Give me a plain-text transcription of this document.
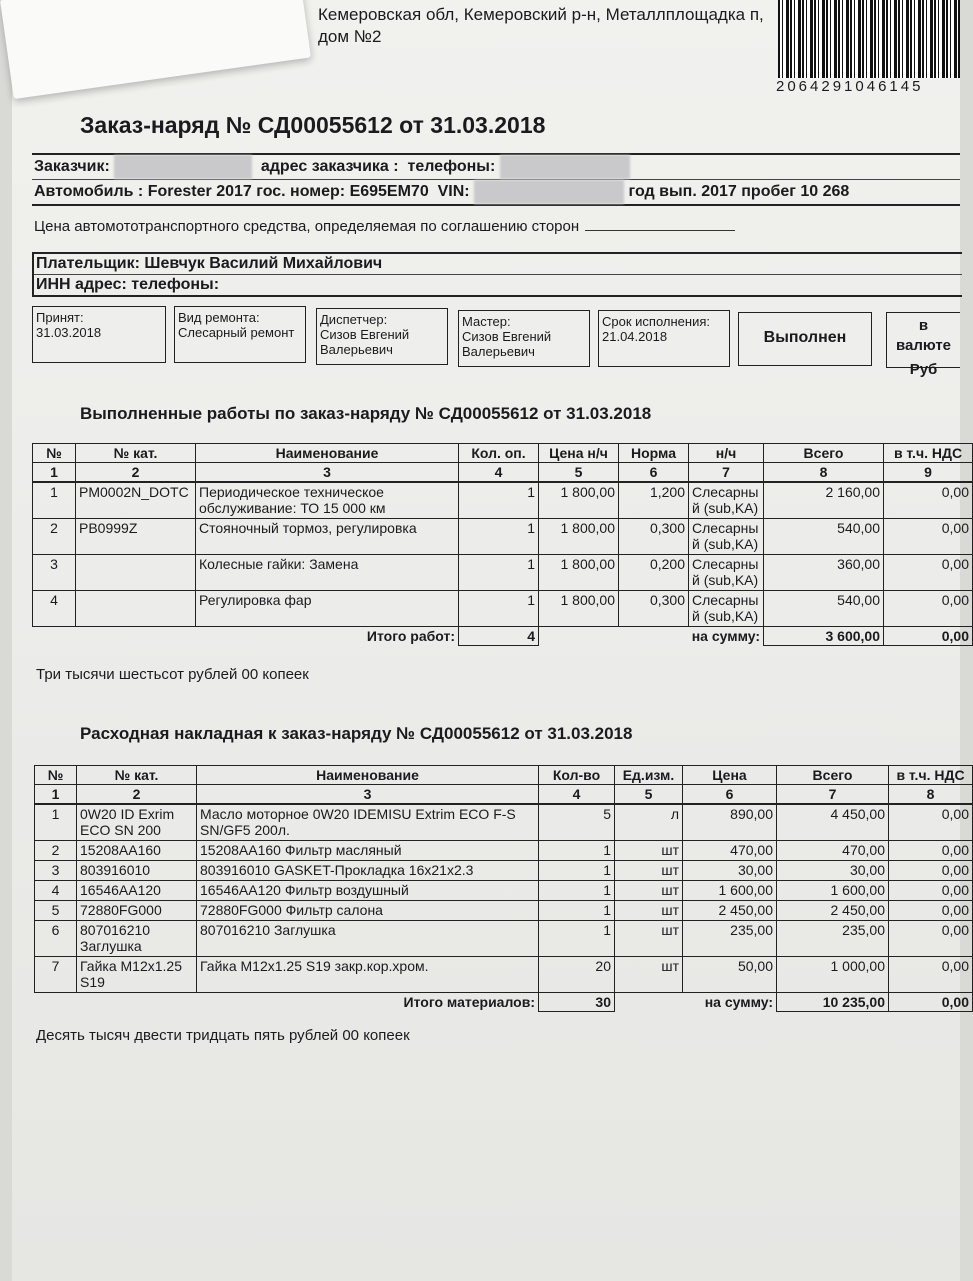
Кемеровская обл, Кемеровский р-н, Металлплощадка п, дом №2
2064291046145
Заказ-наряд № СД00055612 от 31.03.2018
Заказчик:	адрес заказчика : телефоны:
Автомобиль : Forester 2017 гос. номер: Е695ЕМ70 VIN:	год вып. 2017 пробег 10 268
Цена автомототранспортного средства, определяемая по соглашению сторон
Плательщик: Шевчук Василий Михайлович
ИНН адрес: телефоны:
Принят:
31.03.2018
Вид ремонта:
Слесарный ремонт
Диспетчер:
Сизов Евгений Валерьевич
Мастер:
Сизов Евгений Валерьевич
Срок исполнения:
21.04.2018	Выполнен
в валюте
Руб
Выполненные работы по заказ-наряду № СД00055612 от 31.03.2018
№	№ кат.	Наименование	Кол. оп.	Цена н/ч	Норма	н/ч	Всего	в т.ч. НДС
1	2	3	4	5	6	7	8	9
1	PM0002N_DOTC	Периодическое техническое обслуживание: ТО 15 000 км	1	1 800,00	1,200	Слесарный (sub,KA)	2 160,00	0,00
2	PB0999Z	Стояночный тормоз, регулировка	1	1 800,00	0,300	Слесарный (sub,KA)	540,00	0,00
3		Колесные гайки: Замена	1	1 800,00	0,200	Слесарный (sub,KA)	360,00	0,00
4		Регулировка фар	1	1 800,00	0,300	Слесарный (sub,KA)	540,00	0,00
		Итого работ:	4		на сумму:		3 600,00	0,00
Три тысячи шестьсот рублей 00 копеек
Расходная накладная к заказ-наряду № СД00055612 от 31.03.2018
№	№ кат.	Наименование	Кол-во	Ед.изм.	Цена	Всего	в т.ч. НДС
1	2	3	4	5	6	7	8
1	0W20 ID Exrim ECO SN 200	Масло моторное 0W20 IDEMISU Extrim ECO F-S SN/GF5 200л.	5	л	890,00	4 450,00	0,00
2	15208AA160	15208AA160 Фильтр масляный	1	шт	470,00	470,00	0,00
3	803916010	803916010 GASKET-Прокладка 16х21х2.3	1	шт	30,00	30,00	0,00
4	16546AA120	16546AA120 Фильтр воздушный	1	шт	1 600,00	1 600,00	0,00
5	72880FG000	72880FG000 Фильтр салона	1	шт	2 450,00	2 450,00	0,00
6	807016210 Заглушка	807016210 Заглушка	1	шт	235,00	235,00	0,00
7	Гайка M12x1.25 S19	Гайка M12x1.25 S19 закр.кор.хром.	20	шт	50,00	1 000,00	0,00
		Итого материалов:	30	на сумму:		10 235,00	0,00
Десять тысяч двести тридцать пять рублей 00 копеек
